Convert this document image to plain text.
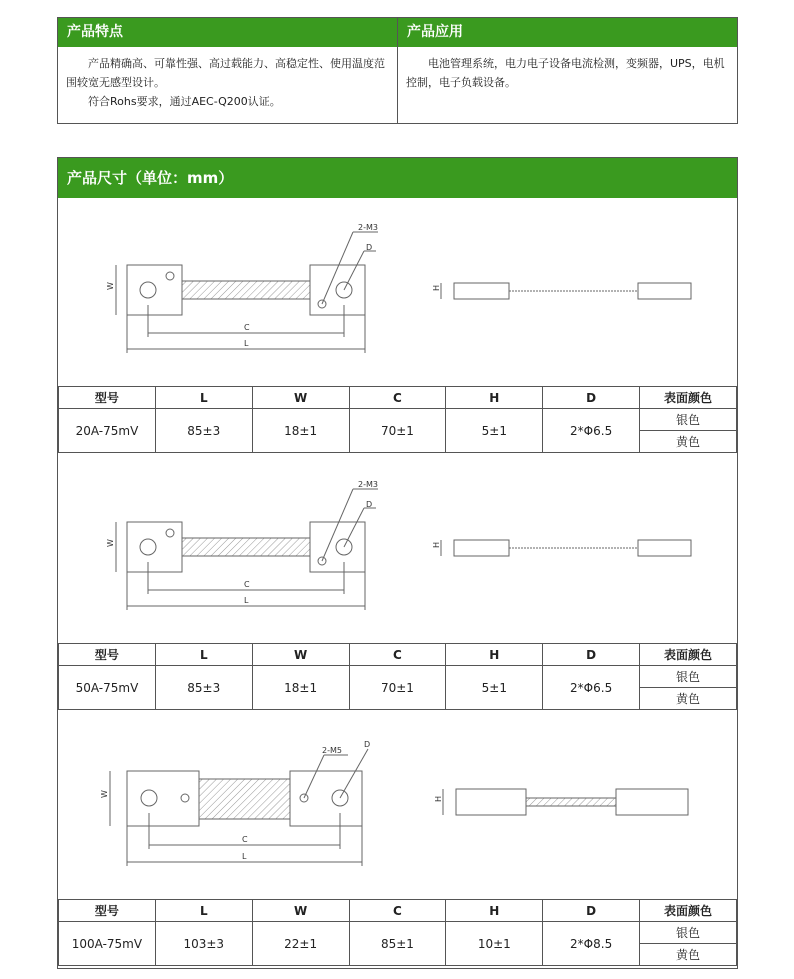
产品特点

产品精确高、可靠性强、高过载能力、高稳定性、使用温度范围较宽无感型设计。

符合Rohs要求，通过AEC-Q200认证。

产品应用

电池管理系统，电力电子设备电流检测，变频器，UPS，电机控制，电子负载设备。

产品尺寸（单位：mm）
W
C
L
2-M3
D
H
型号	L	W	C	H	D	表面颜色
20A-75mV	85±3	18±1	70±1	5±1	2*Φ6.5	银色
						黄色
W
C
L
2-M3
D
H
型号	L	W	C	H	D	表面颜色
50A-75mV	85±3	18±1	70±1	5±1	2*Φ6.5	银色
						黄色
W
C
L
2-M5
D
H
型号	L	W	C	H	D	表面颜色
100A-75mV	103±3	22±1	85±1	10±1	2*Φ8.5	银色
						黄色
